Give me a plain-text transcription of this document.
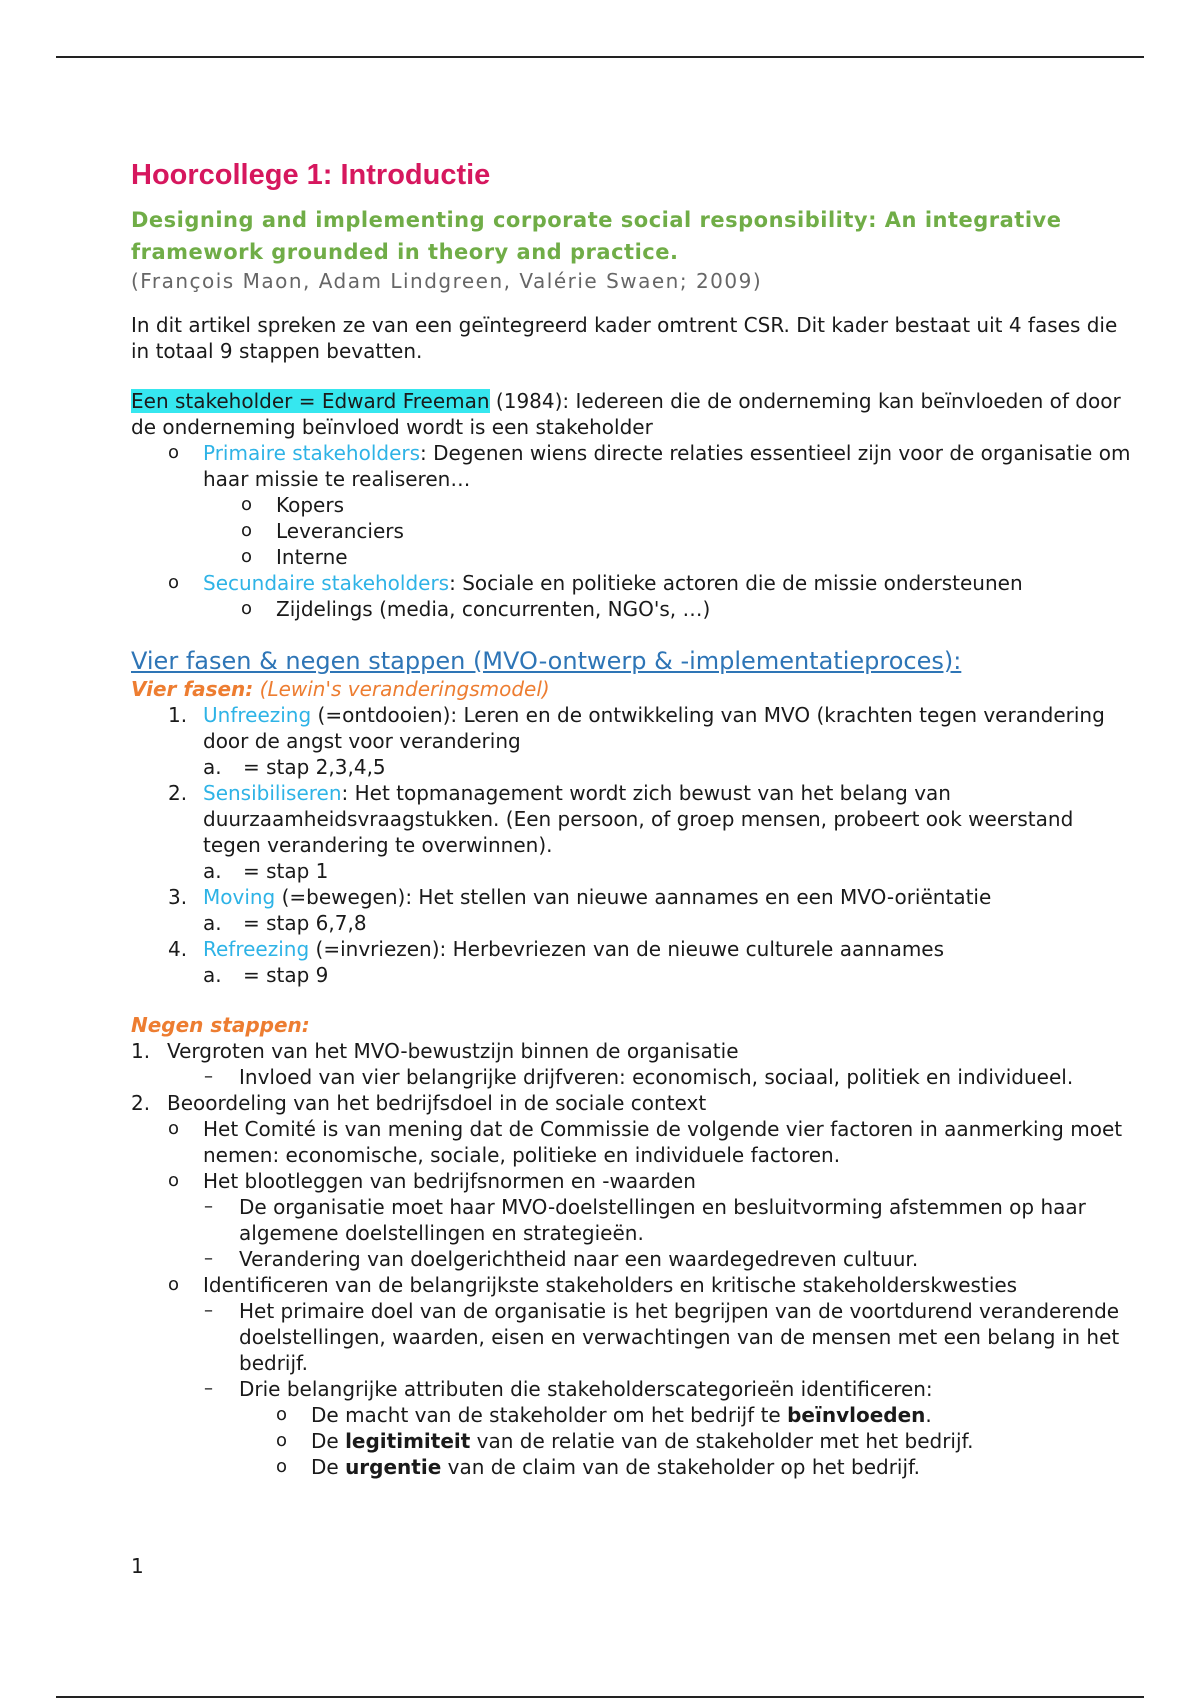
Hoorcollege 1: Introductie

Designing and implementing corporate social responsibility: An integrative

framework grounded in theory and practice.

(François Maon, Adam Lindgreen, Valérie Swaen; 2009)

In dit artikel spreken ze van een geïntegreerd kader omtrent CSR. Dit kader bestaat uit 4 fases die in totaal 9 stappen bevatten.

Een stakeholder = Edward Freeman (1984): Iedereen die de onderneming kan beïnvloeden of door de onderneming beïnvloed wordt is een stakeholder

o Primaire stakeholders: Degenen wiens directe relaties essentieel zijn voor de organisatie om haar missie te realiseren…
o Kopers
o Leveranciers
o Interne
o Secundaire stakeholders: Sociale en politieke actoren die de missie ondersteunen
o Zijdelings (media, concurrenten, NGO's, …)

Vier fasen & negen stappen (MVO-ontwerp & -implementatieproces):

Vier fasen: (Lewin's veranderingsmodel)

1. Unfreezing (=ontdooien): Leren en de ontwikkeling van MVO (krachten tegen verandering door de angst voor verandering
a. = stap 2,3,4,5
2. Sensibiliseren: Het topmanagement wordt zich bewust van het belang van duurzaamheidsvraagstukken. (Een persoon, of groep mensen, probeert ook weerstand tegen verandering te overwinnen).
a. = stap 1
3. Moving (=bewegen): Het stellen van nieuwe aannames en een MVO-oriëntatie
a. = stap 6,7,8
4. Refreezing (=invriezen): Herbevriezen van de nieuwe culturele aannames
a. = stap 9

Negen stappen:

1. Vergroten van het MVO-bewustzijn binnen de organisatie
– Invloed van vier belangrijke drijfveren: economisch, sociaal, politiek en individueel.
2. Beoordeling van het bedrijfsdoel in de sociale context
o Het Comité is van mening dat de Commissie de volgende vier factoren in aanmerking moet nemen: economische, sociale, politieke en individuele factoren.
o Het blootleggen van bedrijfsnormen en -waarden
– De organisatie moet haar MVO-doelstellingen en besluitvorming afstemmen op haar algemene doelstellingen en strategieën.
– Verandering van doelgerichtheid naar een waardegedreven cultuur.
o Identificeren van de belangrijkste stakeholders en kritische stakeholderskwesties
– Het primaire doel van de organisatie is het begrijpen van de voortdurend veranderende doelstellingen, waarden, eisen en verwachtingen van de mensen met een belang in het bedrijf.
– Drie belangrijke attributen die stakeholderscategorieën identificeren:
o De macht van de stakeholder om het bedrijf te beïnvloeden.
o De legitimiteit van de relatie van de stakeholder met het bedrijf.
o De urgentie van de claim van de stakeholder op het bedrijf.
1
